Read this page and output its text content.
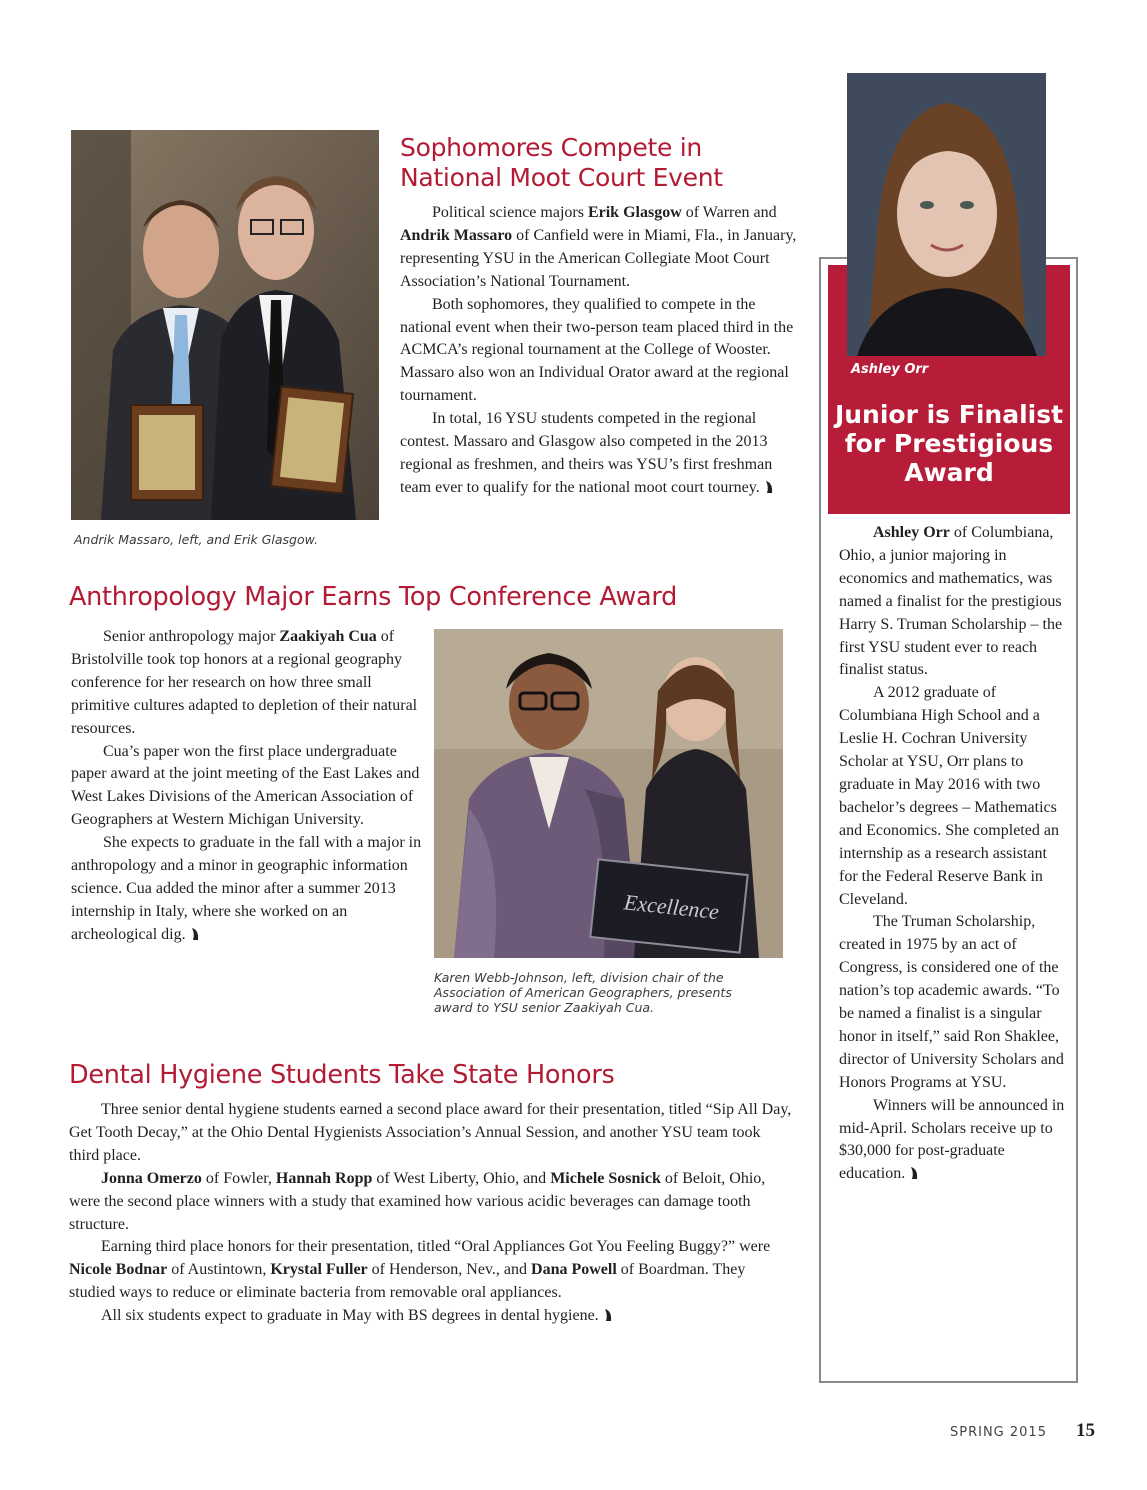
Andrik Massaro, left, and Erik Glasgow.
Sophomores Compete in
National Moot Court Event

Political science majors Erik Glasgow of Warren and Andrik Massaro of Canfield were in Miami, Fla., in January, representing YSU in the American Collegiate Moot Court Association’s National Tournament.

Both sophomores, they qualified to compete in the national event when their two-person team placed third in the ACMCA’s regional tournament at the College of Wooster. Massaro also won an Individual Orator award at the regional tournament.

In total, 16 YSU students competed in the regional contest. Massaro and Glasgow also competed in the 2013 regional as freshmen, and theirs was YSU’s first freshman team ever to qualify for the national moot court tourney.

Anthropology Major Earns Top Conference Award

Senior anthropology major Zaakiyah Cua of Bristolville took top honors at a regional geography conference for her research on how three small primitive cultures adapted to depletion of their natural resources.

Cua’s paper won the first place undergraduate paper award at the joint meeting of the East Lakes and West Lakes Divisions of the American Association of Geographers at Western Michigan University.

She expects to graduate in the fall with a major in anthropology and a minor in geographic information science. Cua added the minor after a summer 2013 internship in Italy, where she worked on an archeological dig.

Excellence
Karen Webb-Johnson, left, division chair of the Association of American Geographers, presents award to YSU senior Zaakiyah Cua.
Dental Hygiene Students Take State Honors

Three senior dental hygiene students earned a second place award for their presentation, titled “Sip All Day, Get Tooth Decay,” at the Ohio Dental Hygienists Association’s Annual Session, and another YSU team took third place.

Jonna Omerzo of Fowler, Hannah Ropp of West Liberty, Ohio, and Michele Sosnick of Beloit, Ohio, were the second place winners with a study that examined how various acidic beverages can damage tooth structure.

Earning third place honors for their presentation, titled “Oral Appliances Got You Feeling Buggy?” were Nicole Bodnar of Austintown, Krystal Fuller of Henderson, Nev., and Dana Powell of Boardman. They studied ways to reduce or eliminate bacteria from removable oral appliances.

All six students expect to graduate in May with BS degrees in dental hygiene.

Ashley Orr
Junior is Finalist
for Prestigious
Award

Ashley Orr of Columbiana, Ohio, a junior majoring in economics and mathematics, was named a finalist for the prestigious Harry S. Truman Scholarship – the first YSU student ever to reach finalist status.

A 2012 graduate of Columbiana High School and a Leslie H. Cochran University Scholar at YSU, Orr plans to graduate in May 2016 with two bachelor’s degrees – Mathematics and Economics. She completed an internship as a research assistant for the Federal Reserve Bank in Cleveland.

The Truman Scholarship, created in 1975 by an act of Congress, is considered one of the nation’s top academic awards. “To be named a finalist is a singular honor in itself,” said Ron Shaklee, director of University Scholars and Honors Programs at YSU.

Winners will be announced in mid-April. Scholars receive up to $30,000 for post-graduate education.

SPRING 2015 15
